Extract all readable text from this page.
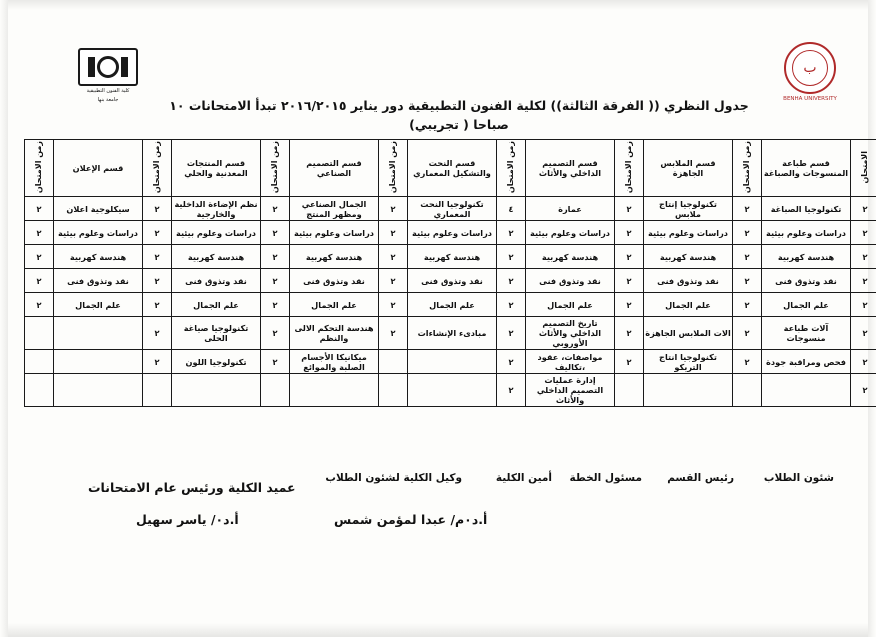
كلية الفنون التطبيقية
جامعة بنها
ب
BENHA UNIVERSITY
جدول النظري (( الفرقة الثالثة)) لكلية الفنون التطبيقية دور يناير ٢٠١٦/٢٠١٥ تبدأ الامتحانات ١٠ صباحا ( تجريبي)
		الامتحان	قسم طباعة المنسوجات والصباغة	زمن الامتحان	قسم الملابس الجاهزة	زمن الامتحان	قسم التصميم الداخلي والأثاث	زمن الامتحان	قسم النحت والتشكيل المعماري	زمن الامتحان	قسم التصميم الصناعي	زمن الامتحان	قسم المنتجات المعدنية والحلي	زمن الامتحان	قسم الإعلان	زمن الامتحان
		٢	تكنولوجيا الصباغة	٢	تكنولوجيا إنتاج ملابس	٢	عمارة	٤	تكنولوجيا النحت المعماري	٢	الجمال الصناعي ومظهر المنتج	٢	نظم الإضاءة الداخلية والخارجية	٢	سيكلوجية اعلان	٢
		٢	دراسات وعلوم بيئية	٢	دراسات وعلوم بيئية	٢	دراسات وعلوم بيئية	٢	دراسات وعلوم بيئية	٢	دراسات وعلوم بيئية	٢	دراسات وعلوم بيئية	٢	دراسات وعلوم بيئية	٢
		٢	هندسة كهربية	٢	هندسة كهربية	٢	هندسة كهربية	٢	هندسة كهربية	٢	هندسة كهربية	٢	هندسة كهربية	٢	هندسة كهربية	٢
		٢	نقد وتذوق فنى	٢	نقد وتذوق فنى	٢	نقد وتذوق فنى	٢	نقد وتذوق فنى	٢	نقد وتذوق فنى	٢	نقد وتذوق فنى	٢	نقد وتذوق فنى	٢
		٢	علم الجمال	٢	علم الجمال	٢	علم الجمال	٢	علم الجمال	٢	علم الجمال	٢	علم الجمال	٢	علم الجمال	٢
		٢	آلات طباعة منسوجات	٢	الات الملابس الجاهزة	٢	تاريخ التصميم الداخلي والأثاث الأوروبي	٢	مبادىء الإنشاءات	٢	هندسة التحكم الالى والنظم	٢	تكنولوجيا صياغة الحلى	٢		
		٢	فحص ومراقبة جودة	٢	تكنولوجيا انتاج التريكو	٢	مواصفات، عقود ،تكاليف	٢			ميكانيكا الأجسام الصلبة والموائع	٢	تكنولوجيا اللون	٢		
		٢					إدارة عمليات التصميم الداخلي والأثاث	٢								
شئون الطلاب
رئيس القسم
مسئول الخطة
أمين الكلية
وكيل الكلية لشئون الطلاب
عميد الكلية ورئيس عام الامتحانات
أ.د٠م/ عبدا لمؤمن شمس
أ.د٠/ ياسر سهيل
